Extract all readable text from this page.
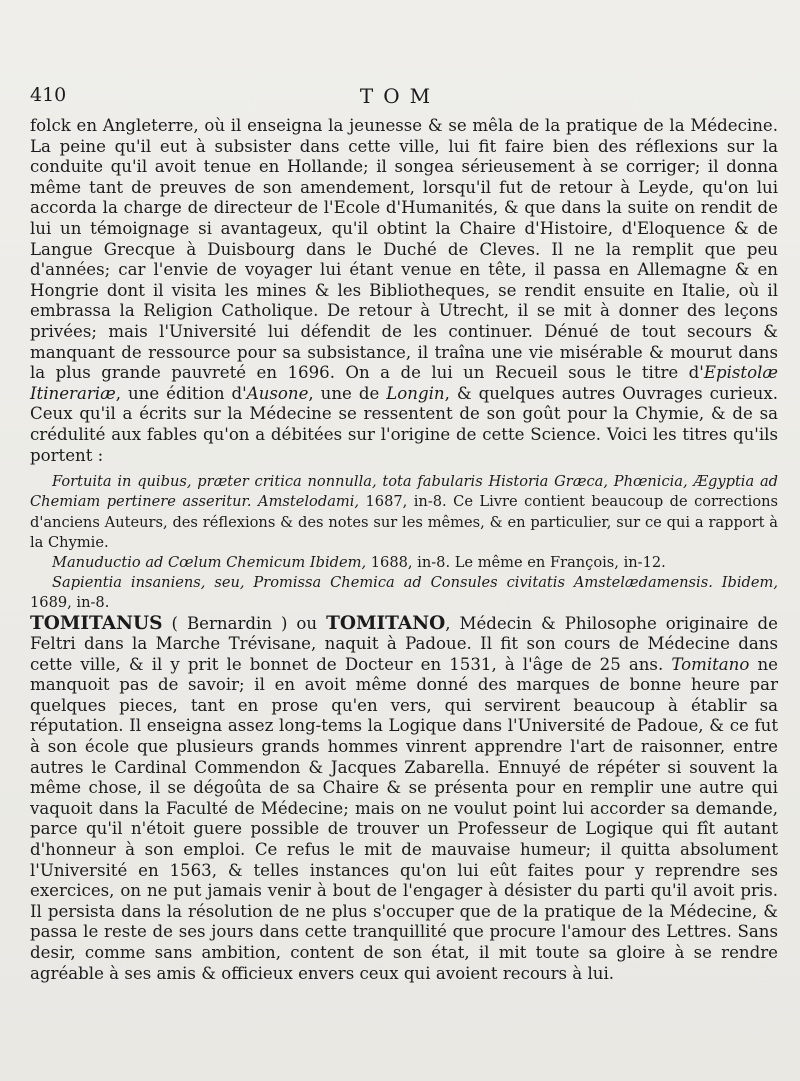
410	TOM

folck en Angleterre, où il enseigna la jeunesse & se mêla de la pratique de la Médecine. La peine qu'il eut à subsister dans cette ville, lui fit faire bien des réflexions sur la conduite qu'il avoit tenue en Hollande; il songea sérieusement à se corriger; il donna même tant de preuves de son amendement, lorsqu'il fut de retour à Leyde, qu'on lui accorda la charge de directeur de l'Ecole d'Humanités, & que dans la suite on rendit de lui un témoignage si avantageux, qu'il obtint la Chaire d'Histoire, d'Eloquence & de Langue Grecque à Duisbourg dans le Duché de Cleves. Il ne la remplit que peu d'années; car l'envie de voyager lui étant venue en tête, il passa en Allemagne & en Hongrie dont il visita les mines & les Bibliotheques, se rendit ensuite en Italie, où il embrassa la Religion Catholique. De retour à Utrecht, il se mit à donner des leçons privées; mais l'Université lui défendit de les continuer. Dénué de tout secours & manquant de ressource pour sa subsistance, il traîna une vie misérable & mourut dans la plus grande pauvreté en 1696. On a de lui un Recueil sous le titre d'Epistolæ Itinerariæ, une édition d'Ausone, une de Longin, & quelques autres Ouvrages curieux. Ceux qu'il a écrits sur la Médecine se ressentent de son goût pour la Chymie, & de sa crédulité aux fables qu'on a débitées sur l'origine de cette Science. Voici les titres qu'ils portent :

Fortuita in quibus, præter critica nonnulla, tota fabularis Historia Græca, Phœnicia, Ægyptia ad Chemiam pertinere asseritur. Amstelodami, 1687, in-8. Ce Livre contient beaucoup de corrections d'anciens Auteurs, des réflexions & des notes sur les mêmes, & en particulier, sur ce qui a rapport à la Chymie.

Manuductio ad Cœlum Chemicum Ibidem, 1688, in-8. Le même en François, in-12.

Sapientia insaniens, seu, Promissa Chemica ad Consules civitatis Amstelædamensis. Ibidem, 1689, in-8.

TOMITANUS ( Bernardin ) ou TOMITANO, Médecin & Philosophe originaire de Feltri dans la Marche Trévisane, naquit à Padoue. Il fit son cours de Médecine dans cette ville, & il y prit le bonnet de Docteur en 1531, à l'âge de 25 ans. Tomitano ne manquoit pas de savoir; il en avoit même donné des marques de bonne heure par quelques pieces, tant en prose qu'en vers, qui servirent beaucoup à établir sa réputation. Il enseigna assez long-tems la Logique dans l'Université de Padoue, & ce fut à son école que plusieurs grands hommes vinrent apprendre l'art de raisonner, entre autres le Cardinal Commendon & Jacques Zabarella. Ennuyé de répéter si souvent la même chose, il se dégoûta de sa Chaire & se présenta pour en remplir une autre qui vaquoit dans la Faculté de Médecine; mais on ne voulut point lui accorder sa demande, parce qu'il n'étoit guere possible de trouver un Professeur de Logique qui fît autant d'honneur à son emploi. Ce refus le mit de mauvaise humeur; il quitta absolument l'Université en 1563, & telles instances qu'on lui eût faites pour y reprendre ses exercices, on ne put jamais venir à bout de l'engager à désister du parti qu'il avoit pris. Il persista dans la résolution de ne plus s'occuper que de la pratique de la Médecine, & passa le reste de ses jours dans cette tranquillité que procure l'amour des Lettres. Sans desir, comme sans ambition, content de son état, il mit toute sa gloire à se rendre agréable à ses amis & officieux envers ceux qui avoient recours à lui.
